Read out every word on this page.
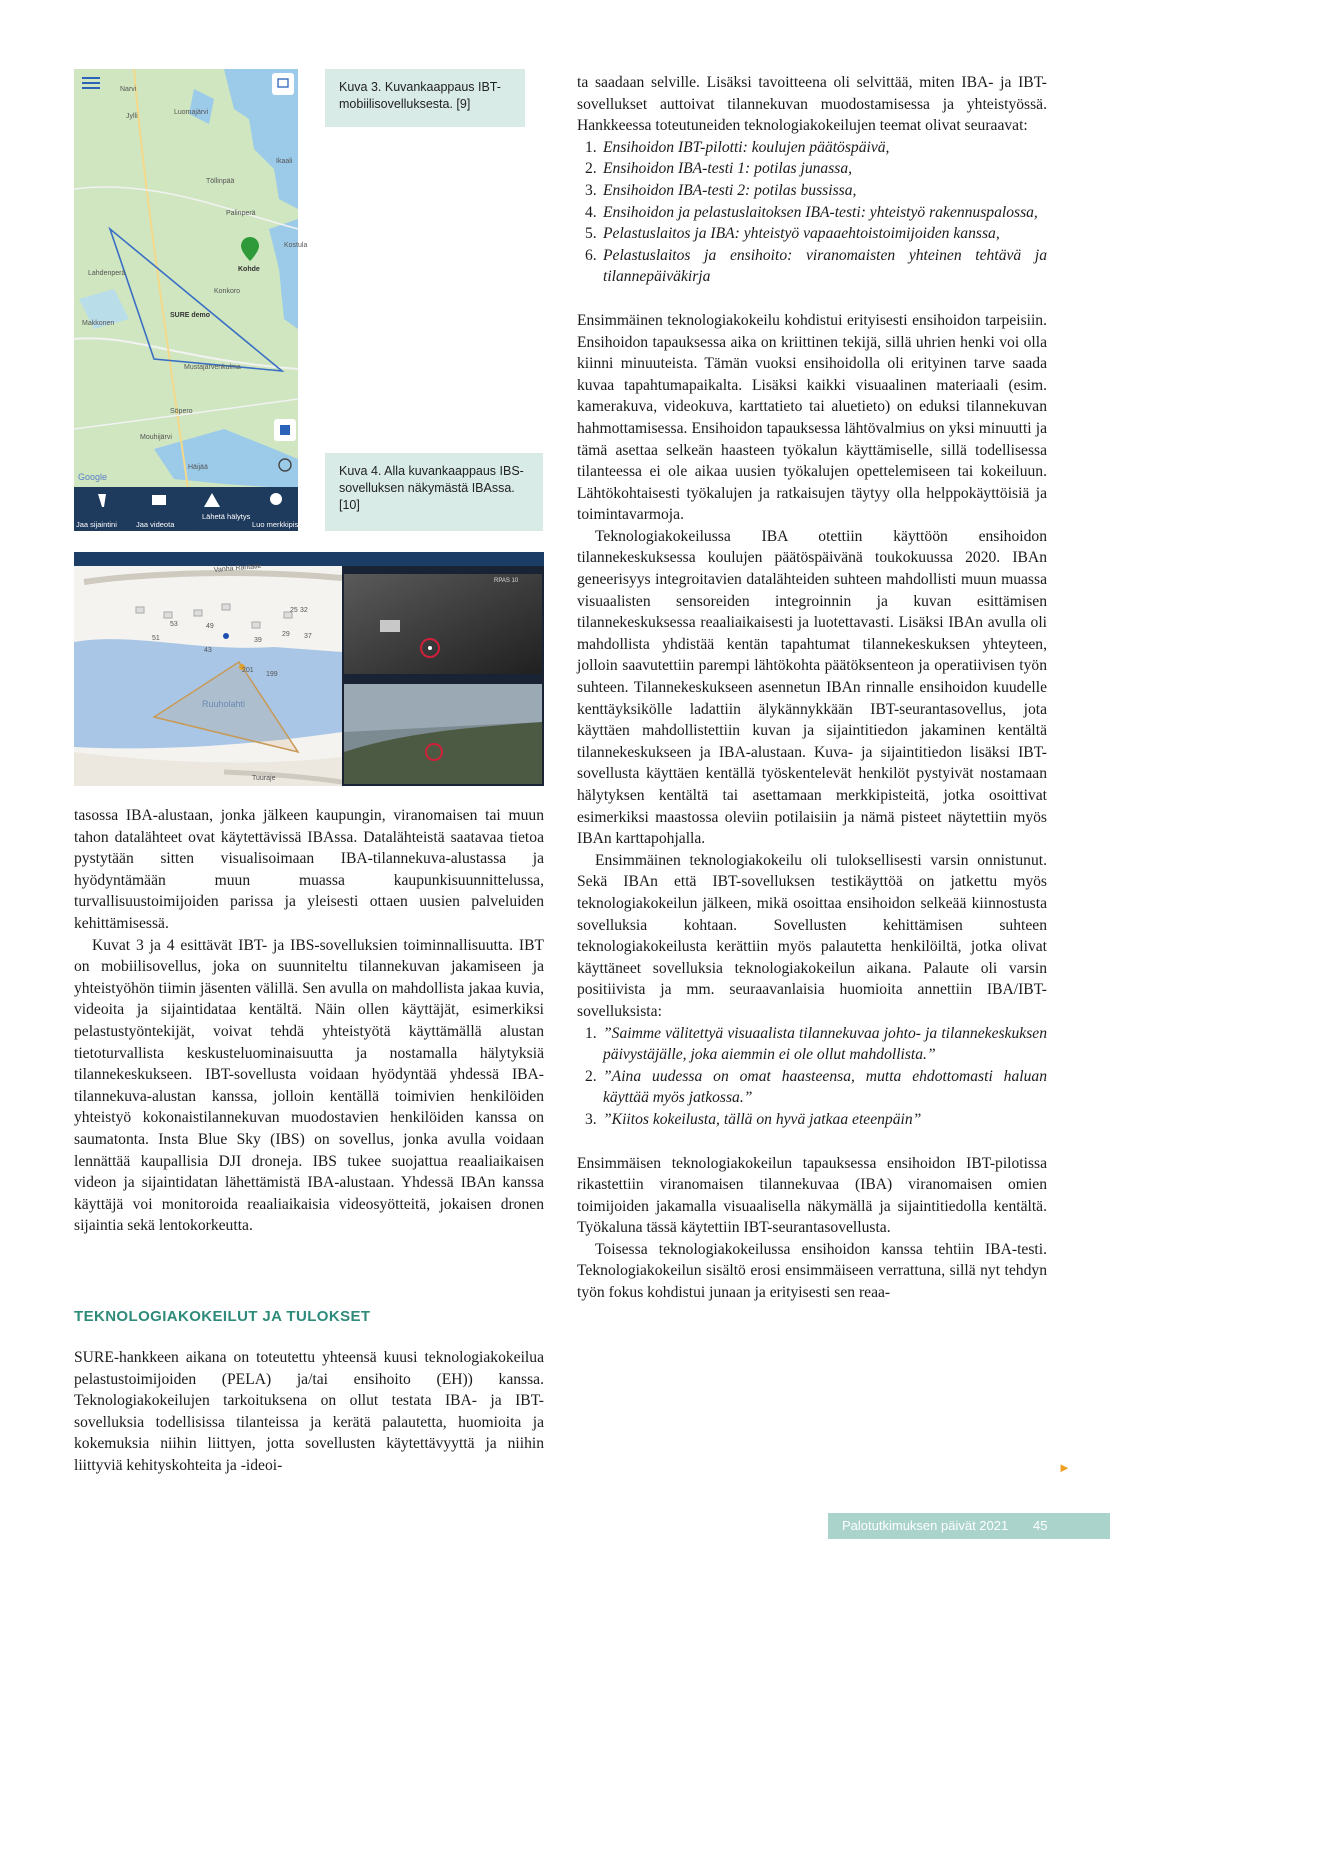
Narvi
Jylli
Luomajärvi
Töllinpää
Palinperä
Kohde
Kostula
Lahdenperä
Konkoro
SURE demo
Makkonen
Mustajärvenkulma
Söpero
Mouhijärvi
Häijää
Ikaali
Google
Jaa sijaintini	Jaa videota
Lähetä hälytys
Luo merkkipiste
Kuva 3. Kuvankaappaus IBT-mobiilisovelluksesta. [9]
Kuva 4. Alla kuvankaappaus IBS-sovelluksen näkymästä IBAssa. [10]
Vanha Rantatie
Ruuholahti
Tuuraje
53
51
49
43
39
29
25 32
37
201
199
RPAS 10

tasossa IBA-alustaan, jonka jälkeen kaupungin, viranomaisen tai muun tahon datalähteet ovat käytettävissä IBAssa. Datalähteistä saatavaa tietoa pystytään sitten visualisoimaan IBA-tilannekuva-alustassa ja hyödyntämään muun muassa kaupunkisuunnittelussa, turvallisuustoimijoiden parissa ja yleisesti ottaen uusien palveluiden kehittämisessä.

Kuvat 3 ja 4 esittävät IBT- ja IBS-sovelluksien toiminnallisuutta. IBT on mobiilisovellus, joka on suunniteltu tilannekuvan jakamiseen ja yhteistyöhön tiimin jäsenten välillä. Sen avulla on mahdollista jakaa kuvia, videoita ja sijaintidataa kentältä. Näin ollen käyttäjät, esimerkiksi pelastustyöntekijät, voivat tehdä yhteistyötä käyttämällä alustan tietoturvallista keskusteluominaisuutta ja nostamalla hälytyksiä tilannekeskukseen. IBT-sovellusta voidaan hyödyntää yhdessä IBA-tilannekuva-alustan kanssa, jolloin kentällä toimivien henkilöiden yhteistyö kokonaistilannekuvan muodostavien henkilöiden kanssa on saumatonta. Insta Blue Sky (IBS) on sovellus, jonka avulla voidaan lennättää kaupallisia DJI droneja. IBS tukee suojattua reaaliaikaisen videon ja sijaintidatan lähettämistä IBA-alustaan. Yhdessä IBAn kanssa käyttäjä voi monitoroida reaaliaikaisia videosyötteitä, jokaisen dronen sijaintia sekä lentokorkeutta.

TEKNOLOGIAKOKEILUT JA TULOKSET

SURE-hankkeen aikana on toteutettu yhteensä kuusi teknologiakokeilua pelastustoimijoiden (PELA) ja/tai ensihoito (EH)) kanssa. Teknologiakokeilujen tarkoituksena on ollut testata IBA- ja IBT-sovelluksia todellisissa tilanteissa ja kerätä palautetta, huomioita ja kokemuksia niihin liittyen, jotta sovellusten käytettävyyttä ja niihin liittyviä kehityskohteita ja -ideoi-

ta saadaan selville. Lisäksi tavoitteena oli selvittää, miten IBA- ja IBT-sovellukset auttoivat tilannekuvan muodostamisessa ja yhteistyössä. Hankkeessa toteutuneiden teknologiakokeilujen teemat olivat seuraavat:

1. Ensihoidon IBT-pilotti: koulujen päätöspäivä,
2. Ensihoidon IBA-testi 1: potilas junassa,
3. Ensihoidon IBA-testi 2: potilas bussissa,
4. Ensihoidon ja pelastuslaitoksen IBA-testi: yhteistyö rakennuspalossa,
5. Pelastuslaitos ja IBA: yhteistyö vapaaehtoistoimijoiden kanssa,
6. Pelastuslaitos ja ensihoito: viranomaisten yhteinen tehtävä ja tilannepäiväkirja

Ensimmäinen teknologiakokeilu kohdistui erityisesti ensihoidon tarpeisiin. Ensihoidon tapauksessa aika on kriittinen tekijä, sillä uhrien henki voi olla kiinni minuuteista. Tämän vuoksi ensihoidolla oli erityinen tarve saada kuvaa tapahtumapaikalta. Lisäksi kaikki visuaalinen materiaali (esim. kamerakuva, videokuva, karttatieto tai aluetieto) on eduksi tilannekuvan hahmottamisessa. Ensihoidon tapauksessa lähtövalmius on yksi minuutti ja tämä asettaa selkeän haasteen työkalun käyttämiselle, sillä todellisessa tilanteessa ei ole aikaa uusien työkalujen opettelemiseen tai kokeiluun. Lähtökohtaisesti työkalujen ja ratkaisujen täytyy olla helppokäyttöisiä ja toimintavarmoja.

Teknologiakokeilussa IBA otettiin käyttöön ensihoidon tilannekeskuksessa koulujen päätöspäivänä toukokuussa 2020. IBAn geneerisyys integroitavien datalähteiden suhteen mahdollisti muun muassa visuaalisten sensoreiden integroinnin ja kuvan esittämisen tilannekeskuksessa reaaliaikaisesti ja luotettavasti. Lisäksi IBAn avulla oli mahdollista yhdistää kentän tapahtumat tilannekeskuksen yhteyteen, jolloin saavutettiin parempi lähtökohta päätöksenteon ja operatiivisen työn suhteen. Tilannekeskukseen asennetun IBAn rinnalle ensihoidon kuudelle kenttäyksikölle ladattiin älykännykkään IBT-seurantasovellus, jota käyttäen mahdollistettiin kuvan ja sijaintitiedon jakaminen kentältä tilannekeskukseen ja IBA-alustaan. Kuva- ja sijaintitiedon lisäksi IBT-sovellusta käyttäen kentällä työskentelevät henkilöt pystyivät nostamaan hälytyksen kentältä tai asettamaan merkkipisteitä, jotka osoittivat esimerkiksi maastossa oleviin potilaisiin ja nämä pisteet näytettiin myös IBAn karttapohjalla.

Ensimmäinen teknologiakokeilu oli tuloksellisesti varsin onnistunut. Sekä IBAn että IBT-sovelluksen testikäyttöä on jatkettu myös teknologiakokeilun jälkeen, mikä osoittaa ensihoidon selkeää kiinnostusta sovelluksia kohtaan. Sovellusten kehittämisen suhteen teknologiakokeilusta kerättiin myös palautetta henkilöiltä, jotka olivat käyttäneet sovelluksia teknologiakokeilun aikana. Palaute oli varsin positiivista ja mm. seuraavanlaisia huomioita annettiin IBA/IBT-sovelluksista:

1. ”Saimme välitettyä visuaalista tilannekuvaa johto- ja tilannekeskuksen päivystäjälle, joka aiemmin ei ole ollut mahdollista.”
2. ”Aina uudessa on omat haasteensa, mutta ehdottomasti haluan käyttää myös jatkossa.”
3. ”Kiitos kokeilusta, tällä on hyvä jatkaa eteenpäin”

Ensimmäisen teknologiakokeilun tapauksessa ensihoidon IBT-pilotissa rikastettiin viranomaisen tilannekuvaa (IBA) viranomaisen omien toimijoiden jakamalla visuaalisella näkymällä ja sijaintitiedolla kentältä. Työkaluna tässä käytettiin IBT-seurantasovellusta.

Toisessa teknologiakokeilussa ensihoidon kanssa tehtiin IBA-testi. Teknologiakokeilun sisältö erosi ensimmäiseen verrattuna, sillä nyt tehdyn työn fokus kohdistui junaan ja erityisesti sen reaa-

►
Palotutkimuksen päivät 2021 45
